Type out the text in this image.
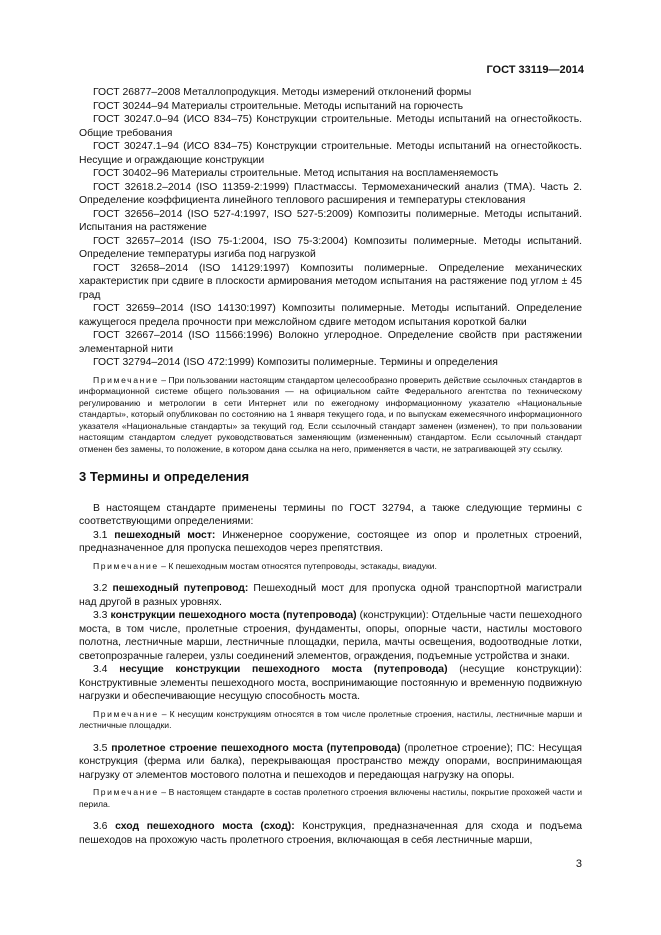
ГОСТ 33119—2014

ГОСТ 26877–2008 Металлопродукция. Методы измерений отклонений формы

ГОСТ 30244–94 Материалы строительные. Методы испытаний на горючесть

ГОСТ 30247.0–94 (ИСО 834–75) Конструкции строительные. Методы испытаний на огнестойкость. Общие требования

ГОСТ 30247.1–94 (ИСО 834–75) Конструкции строительные. Методы испытаний на огнестойкость. Несущие и ограждающие конструкции

ГОСТ 30402–96 Материалы строительные. Метод испытания на воспламеняемость

ГОСТ 32618.2–2014 (ISO 11359-2:1999) Пластмассы. Термомеханический анализ (ТМА). Часть 2. Определение коэффициента линейного теплового расширения и температуры стеклования

ГОСТ 32656–2014 (ISO 527-4:1997, ISO 527-5:2009) Композиты полимерные. Методы испытаний. Испытания на растяжение

ГОСТ 32657–2014 (ISO 75-1:2004, ISO 75-3:2004) Композиты полимерные. Методы испытаний. Определение температуры изгиба под нагрузкой

ГОСТ 32658–2014 (ISO 14129:1997) Композиты полимерные. Определение механических характеристик при сдвиге в плоскости армирования методом испытания на растяжение под углом ± 45 град

ГОСТ 32659–2014 (ISO 14130:1997) Композиты полимерные. Методы испытаний. Определение кажущегося предела прочности при межслойном сдвиге методом испытания короткой балки

ГОСТ 32667–2014 (ISO 11566:1996) Волокно углеродное. Определение свойств при растяжении элементарной нити

ГОСТ 32794–2014 (ISO 472:1999) Композиты полимерные. Термины и определения

Примечание – При пользовании настоящим стандартом целесообразно проверить действие ссылочных стандартов в информационной системе общего пользования — на официальном сайте Федерального агентства по техническому регулированию и метрологии в сети Интернет или по ежегодному информационному указателю «Национальные стандарты», который опубликован по состоянию на 1 января текущего года, и по выпускам ежемесячного информационного указателя «Национальные стандарты» за текущий год. Если ссылочный стандарт заменен (изменен), то при пользовании настоящим стандартом следует руководствоваться заменяющим (измененным) стандартом. Если ссылочный стандарт отменен без замены, то положение, в котором дана ссылка на него, применяется в части, не затрагивающей эту ссылку.

3 Термины и определения

В настоящем стандарте применены термины по ГОСТ 32794, а также следующие термины с соответствующими определениями:

3.1 пешеходный мост: Инженерное сооружение, состоящее из опор и пролетных строений, предназначенное для пропуска пешеходов через препятствия.

Примечание – К пешеходным мостам относятся путепроводы, эстакады, виадуки.

3.2 пешеходный путепровод: Пешеходный мост для пропуска одной транспортной магистрали над другой в разных уровнях.

3.3 конструкции пешеходного моста (путепровода) (конструкции): Отдельные части пешеходного моста, в том числе, пролетные строения, фундаменты, опоры, опорные части, настилы мостового полотна, лестничные марши, лестничные площадки, перила, мачты освещения, водоотводные лотки, светопрозрачные галереи, узлы соединений элементов, ограждения, подъемные устройства и знаки.

3.4 несущие конструкции пешеходного моста (путепровода) (несущие конструкции): Конструктивные элементы пешеходного моста, воспринимающие постоянную и временную подвижную нагрузки и обеспечивающие несущую способность моста.

Примечание – К несущим конструкциям относятся в том числе пролетные строения, настилы, лестничные марши и лестничные площадки.

3.5 пролетное строение пешеходного моста (путепровода) (пролетное строение); ПС: Несущая конструкция (ферма или балка), перекрывающая пространство между опорами, воспринимающая нагрузку от элементов мостового полотна и пешеходов и передающая нагрузку на опоры.

Примечание – В настоящем стандарте в состав пролетного строения включены настилы, покрытие прохожей части и перила.

3.6 сход пешеходного моста (сход): Конструкция, предназначенная для схода и подъема пешеходов на прохожую часть пролетного строения, включающая в себя лестничные марши,

3
